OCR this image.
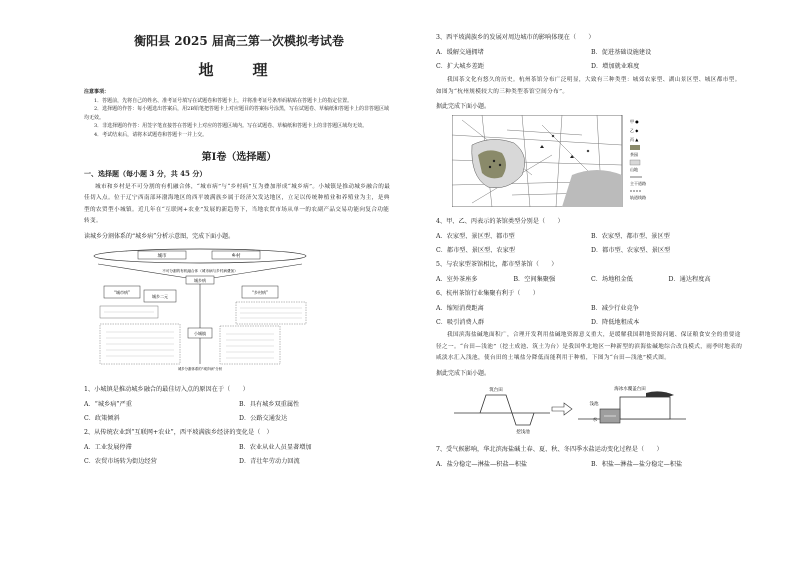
衡阳县 2025 届高三第一次模拟考试卷

地　理

注意事项：

1．答题前，先将自己的姓名、准考证号填写在试题卷和答题卡上，并将准考证号条形码粘贴在答题卡上的指定位置。

2．选择题的作答：每小题选出答案后，用2B铅笔把答题卡上对应题目的答案标号涂黑，写在试题卷、草稿纸和答题卡上的非答题区域均无效。

3．非选择题的作答：用签字笔直接答在答题卡上对应的答题区域内。写在试题卷、草稿纸和答题卡上的非答题区域均无效。

4．考试结束后，请将本试题卷和答题卡一并上交。

第Ⅰ卷（选择题）

一、选择题（每小题 3 分，共 45 分）

城市和乡村是不可分割的有机融合体，“城市病”与“乡村病”互为叠加形成“城乡病”。小城镇是推动城乡融合的最佳切入点。位于辽宁西南部环渤海地区的西平坡满族乡属于经济欠发达地区，立足以传统种植业和养殖业为主，是典型的农贸型小城镇。近几年在“互联网+农业”发展的新趋势下，当地农贸市场从单一的农副产品交易功能向复合功能转变。

读城乡分割体系的“城乡病”分析示意图，完成下面小题。

城市	乡村
不可分割的有机融合体（城市病与乡村病叠加）
城乡病
“城市病”
城乡二元
“乡村病”
小城镇
城乡分割体系的“城乡病”分析

1、小城镇是推动城乡融合的最佳切入点的原因在于（　　）

A．“城乡病”严重	B．具有城乡双重属性
C．政策倾斜	D．公路交通发达

2、从传统农业到“互联网+农业”，西平坡满族乡经济的变化是（　）

A．工业发展停滞	B．农业从业人员显著增加
C．农贸市场转为街边经营	D．青壮年劳动力回流

3、西平坡满族乡的发展对周边城市的影响体现在（　　）

A．缓解交通拥堵	B．促进基础设施建设
C．扩大城乡差距	D．增加就业难度

我国茶文化有悠久的历史。杭州茶馆分布广泛明显，大致有三种类型：城郊农家型、湖山景区型、城区都市型。如图为“杭州规模较大的三种类型茶馆空间分布”。

据此完成下面小题。

甲 ●
乙 ◆
丙 ▲
茶园
山地
主干道路
轨道线路

4、甲、乙、丙表示的茶馆类型分别是（　　）

A．农家型、景区型、都市型	B．农家型、都市型、景区型
C．都市型、景区型、农家型	D．都市型、农家型、景区型

5、与农家型茶馆相比，都市型茶馆（　　）

A．室外茶座多	B．空间集聚强	C．场地租金低	D．通达程度高

6、杭州茶馆行业集聚有利于（　　）

A．缩短消费距离	B．减少行业竞争
C．吸引消费人群	D．降低地租成本

我国滨海盐碱地面积广，合理开发利用盐碱地资源意义重大，是缓解我国耕地资源问题、保证粮食安全的重要途径之一。“台田—浅池”（挖土成池、筑土为台）是我国华北地区一种新型的滨海盐碱地综合改良模式，雨季时地表的咸淡水汇入浅池，使台田的土壤盐分降低而能利用于种植，下图为“台田—浅池”模式图。

据此完成下面小题。

筑台田
挖浅池
海冰水覆盖台田
浅池
水

7、受气候影响，华北滨海盐碱土春、夏、秋、冬四季水盐运动变化过程是（　　）

A．盐分稳定—淋盐—积盐—积盐	B．积盐—淋盐—盐分稳定—积盐
